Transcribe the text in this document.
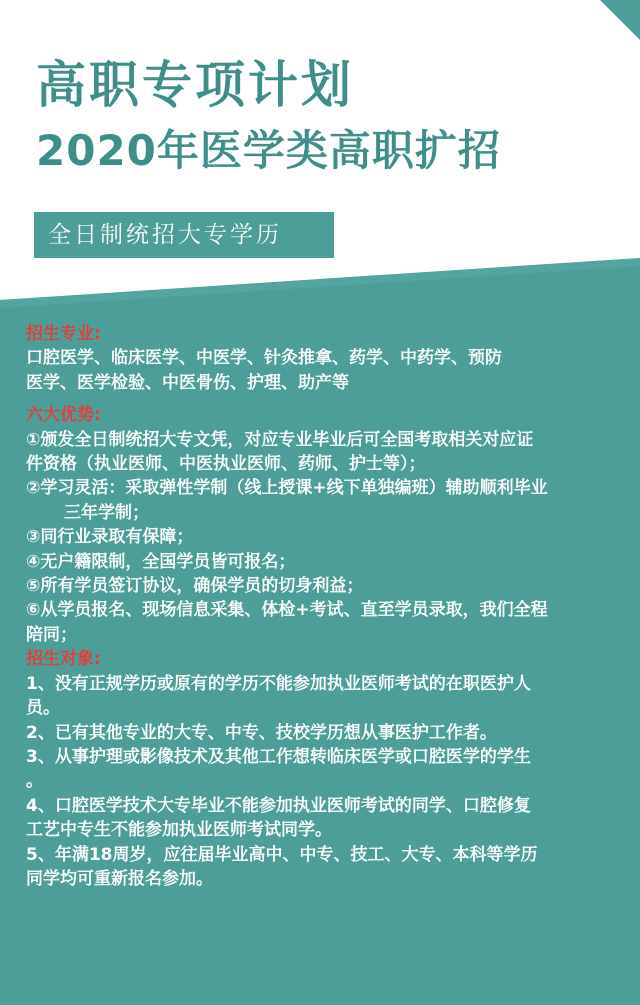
高职专项计划
2020年医学类高职扩招
全日制统招大专学历
招生专业:

口腔医学、临床医学、中医学、针灸推拿、药学、中药学、预防

医学、医学检验、中医骨伤、护理、助产等

六大优势:

①颁发全日制统招大专文凭，对应专业毕业后可全国考取相关对应证

件资格（执业医师、中医执业医师、药师、护士等）；

②学习灵活：采取弹性学制（线上授课+线下单独编班）辅助顺利毕业

三年学制；

③同行业录取有保障；

④无户籍限制，全国学员皆可报名；

⑤所有学员签订协议，确保学员的切身利益；

⑥从学员报名、现场信息采集、体检+考试、直至学员录取，我们全程

陪同；

招生对象:

1、没有正规学历或原有的学历不能参加执业医师考试的在职医护人

员。

2、已有其他专业的大专、中专、技校学历想从事医护工作者。

3、从事护理或影像技术及其他工作想转临床医学或口腔医学的学生

。

4、口腔医学技术大专毕业不能参加执业医师考试的同学、口腔修复

工艺中专生不能参加执业医师考试同学。

5、年满18周岁，应往届毕业高中、中专、技工、大专、本科等学历

同学均可重新报名参加。
